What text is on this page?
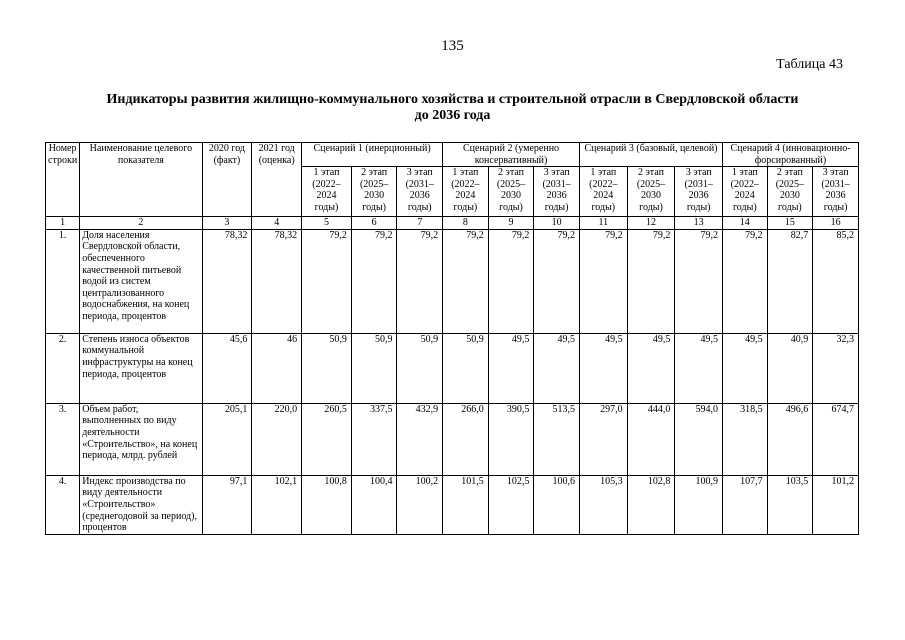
135
Таблица 43
Индикаторы развития жилищно-коммунального хозяйства и строительной отрасли в Свердловской области
до 2036 года
Номер строки	Наименование целевого показателя	2020 год (факт)	2021 год (оценка)	Сценарий 1 (инерционный)			Сценарий 2 (умеренно консервативный)			Сценарий 3 (базовый, целевой)			Сценарий 4 (инновационно-форсированный)		
				1 этап (2022–2024 годы)	2 этап (2025–2030 годы)	3 этап (2031–2036 годы)	1 этап (2022–2024 годы)	2 этап (2025–2030 годы)	3 этап (2031–2036 годы)	1 этап (2022–2024 годы)	2 этап (2025–2030 годы)	3 этап (2031–2036 годы)	1 этап (2022–2024 годы)	2 этап (2025–2030 годы)	3 этап (2031–2036 годы)
1	2	3	4	5	6	7	8	9	10	11	12	13	14	15	16
1.	Доля населения Свердловской области, обеспеченного качественной питьевой водой из систем централизованного водоснабжения, на конец периода, процентов	78,32	78,32	79,2	79,2	79,2	79,2	79,2	79,2	79,2	79,2	79,2	79,2	82,7	85,2
2.	Степень износа объектов коммунальной инфраструктуры на конец периода, процентов	45,6	46	50,9	50,9	50,9	50,9	49,5	49,5	49,5	49,5	49,5	49,5	40,9	32,3
3.	Объем работ, выполненных по виду деятельности «Строительство», на конец периода, млрд. рублей	205,1	220,0	260,5	337,5	432,9	266,0	390,5	513,5	297,0	444,0	594,0	318,5	496,6	674,7
4.	Индекс производства по виду деятельности «Строительство» (среднегодовой за период), процентов	97,1	102,1	100,8	100,4	100,2	101,5	102,5	100,6	105,3	102,8	100,9	107,7	103,5	101,2
